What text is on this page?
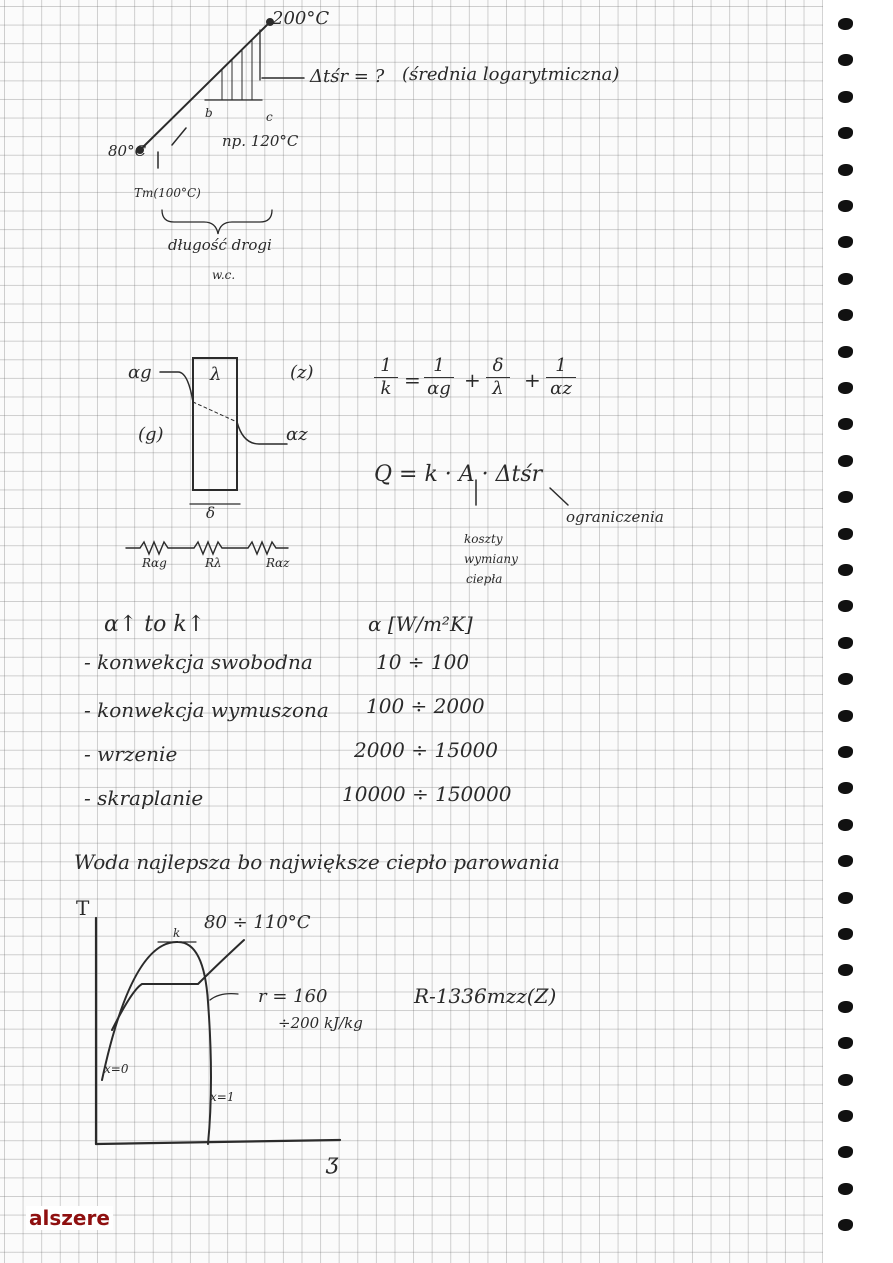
200°C
80°C
np. 120°C
Tm(100°C)
Δtśr = ? (średnia logarytmiczna)
b	c
długość drogi
w.c.
αg	λ	(z)
(g)	αz
δ
Rαg	Rλ	Rαz
1
k =
1
αg +
δ
λ	+
1
αz
Q = k · A · Δtśr
koszty
wymiany
ciepła
ograniczenia
α↑ to k↑	α [W/m²K]
- konwekcja swobodna	10 ÷ 100
- konwekcja wymuszona 100 ÷ 2000
- wrzenie	2000 ÷ 15000
- skraplanie	10000 ÷ 150000
Woda najlepsza bo największe ciepło parowania
T
ʒ
k 80 ÷ 110°C
r = 160
÷200 kJ/kg
x=0
x=1
R-1336mzz(Z)
alszere
